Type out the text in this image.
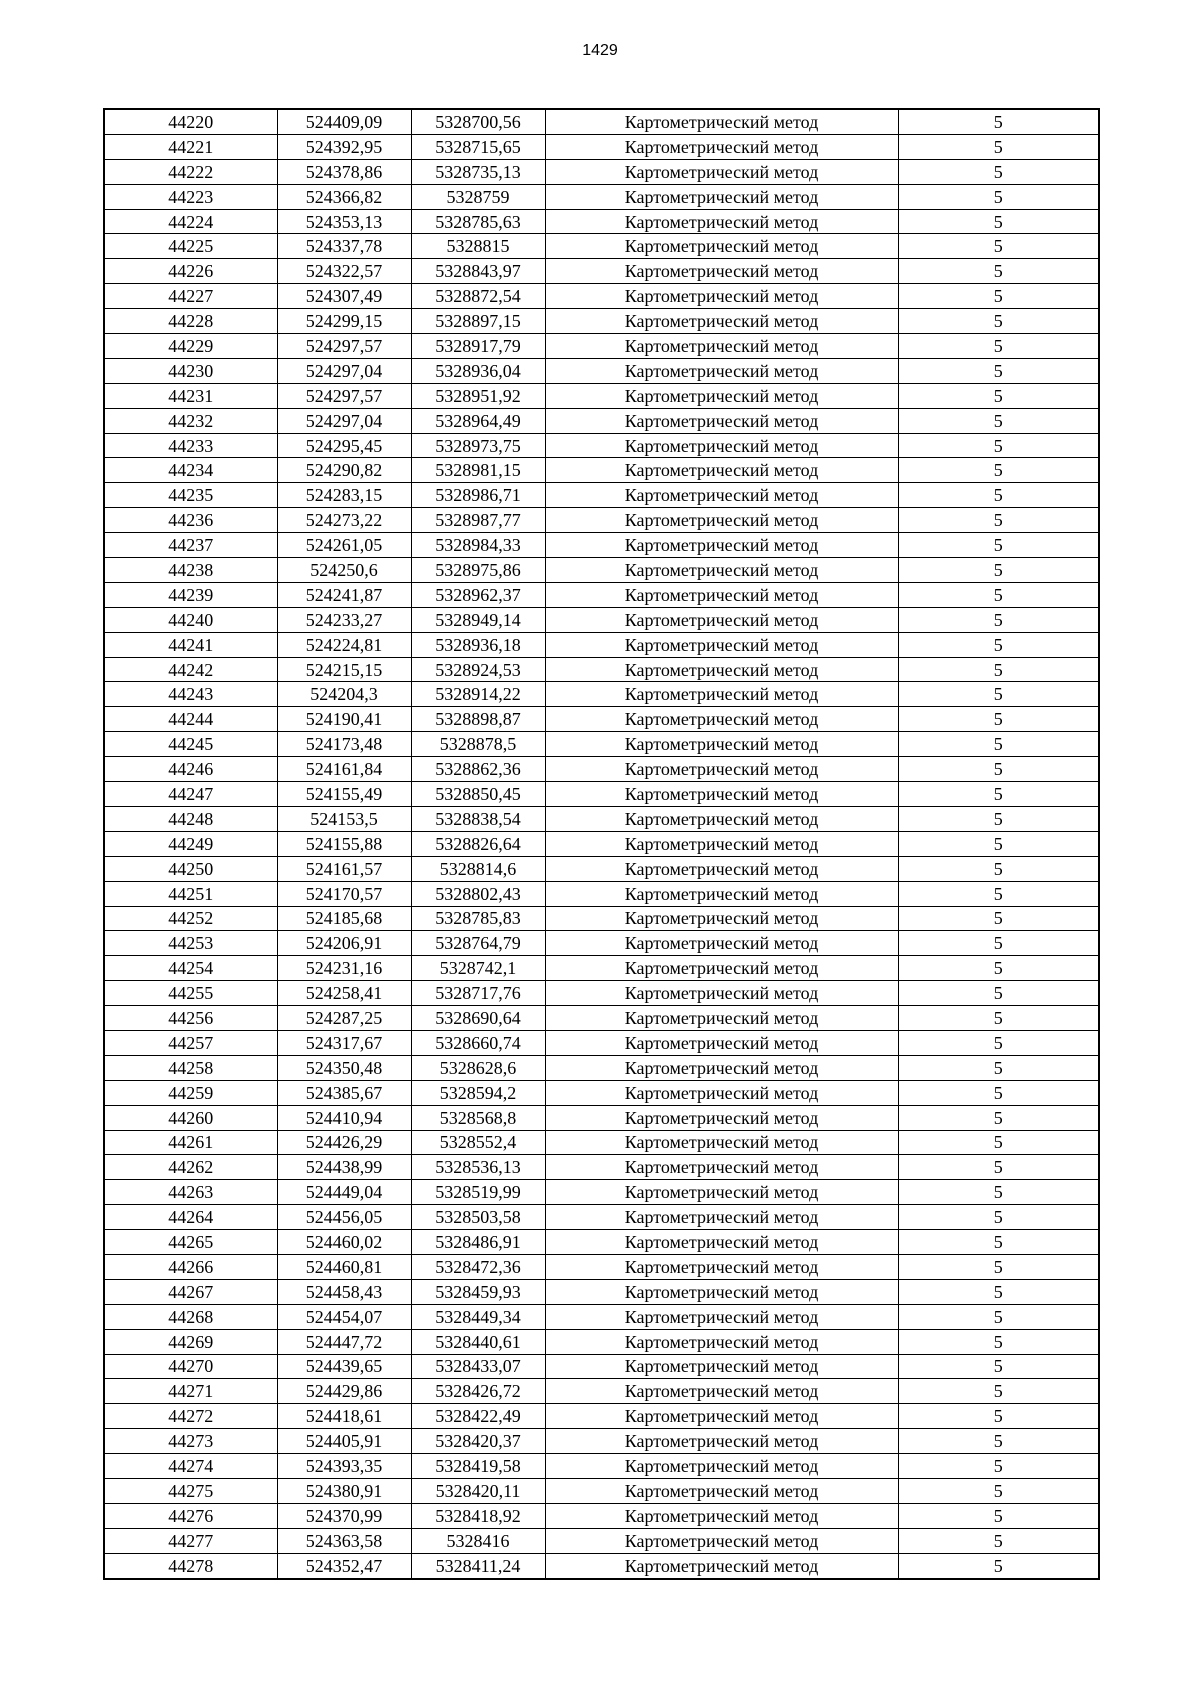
1429
44220	524409,09	5328700,56	Картометрический метод	5
44221	524392,95	5328715,65	Картометрический метод	5
44222	524378,86	5328735,13	Картометрический метод	5
44223	524366,82	5328759	Картометрический метод	5
44224	524353,13	5328785,63	Картометрический метод	5
44225	524337,78	5328815	Картометрический метод	5
44226	524322,57	5328843,97	Картометрический метод	5
44227	524307,49	5328872,54	Картометрический метод	5
44228	524299,15	5328897,15	Картометрический метод	5
44229	524297,57	5328917,79	Картометрический метод	5
44230	524297,04	5328936,04	Картометрический метод	5
44231	524297,57	5328951,92	Картометрический метод	5
44232	524297,04	5328964,49	Картометрический метод	5
44233	524295,45	5328973,75	Картометрический метод	5
44234	524290,82	5328981,15	Картометрический метод	5
44235	524283,15	5328986,71	Картометрический метод	5
44236	524273,22	5328987,77	Картометрический метод	5
44237	524261,05	5328984,33	Картометрический метод	5
44238	524250,6	5328975,86	Картометрический метод	5
44239	524241,87	5328962,37	Картометрический метод	5
44240	524233,27	5328949,14	Картометрический метод	5
44241	524224,81	5328936,18	Картометрический метод	5
44242	524215,15	5328924,53	Картометрический метод	5
44243	524204,3	5328914,22	Картометрический метод	5
44244	524190,41	5328898,87	Картометрический метод	5
44245	524173,48	5328878,5	Картометрический метод	5
44246	524161,84	5328862,36	Картометрический метод	5
44247	524155,49	5328850,45	Картометрический метод	5
44248	524153,5	5328838,54	Картометрический метод	5
44249	524155,88	5328826,64	Картометрический метод	5
44250	524161,57	5328814,6	Картометрический метод	5
44251	524170,57	5328802,43	Картометрический метод	5
44252	524185,68	5328785,83	Картометрический метод	5
44253	524206,91	5328764,79	Картометрический метод	5
44254	524231,16	5328742,1	Картометрический метод	5
44255	524258,41	5328717,76	Картометрический метод	5
44256	524287,25	5328690,64	Картометрический метод	5
44257	524317,67	5328660,74	Картометрический метод	5
44258	524350,48	5328628,6	Картометрический метод	5
44259	524385,67	5328594,2	Картометрический метод	5
44260	524410,94	5328568,8	Картометрический метод	5
44261	524426,29	5328552,4	Картометрический метод	5
44262	524438,99	5328536,13	Картометрический метод	5
44263	524449,04	5328519,99	Картометрический метод	5
44264	524456,05	5328503,58	Картометрический метод	5
44265	524460,02	5328486,91	Картометрический метод	5
44266	524460,81	5328472,36	Картометрический метод	5
44267	524458,43	5328459,93	Картометрический метод	5
44268	524454,07	5328449,34	Картометрический метод	5
44269	524447,72	5328440,61	Картометрический метод	5
44270	524439,65	5328433,07	Картометрический метод	5
44271	524429,86	5328426,72	Картометрический метод	5
44272	524418,61	5328422,49	Картометрический метод	5
44273	524405,91	5328420,37	Картометрический метод	5
44274	524393,35	5328419,58	Картометрический метод	5
44275	524380,91	5328420,11	Картометрический метод	5
44276	524370,99	5328418,92	Картометрический метод	5
44277	524363,58	5328416	Картометрический метод	5
44278	524352,47	5328411,24	Картометрический метод	5
